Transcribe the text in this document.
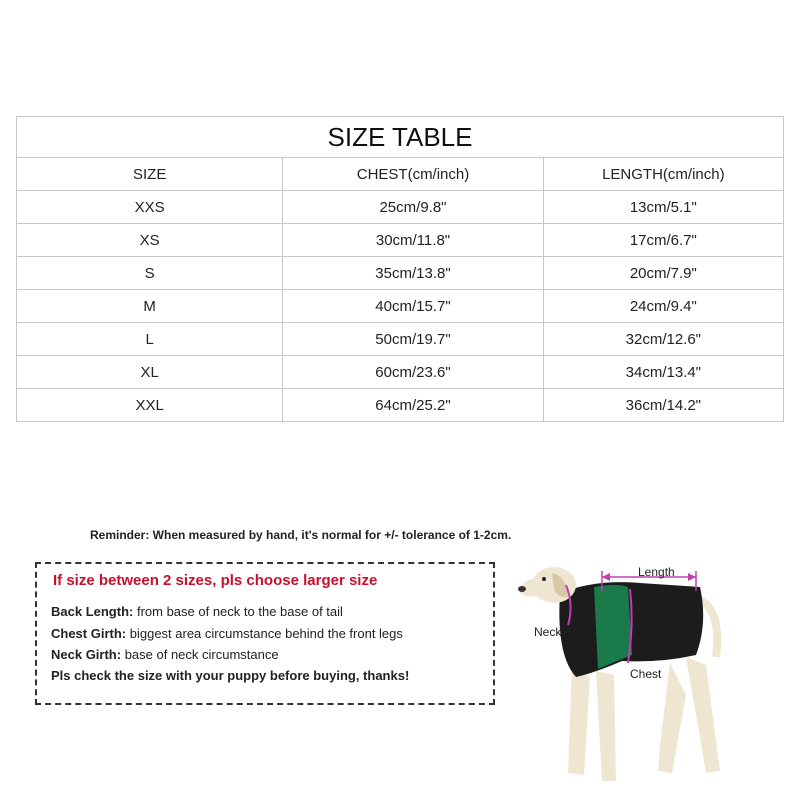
SIZE TABLE		
SIZE	CHEST(cm/inch)	LENGTH(cm/inch)
XXS	25cm/9.8"	13cm/5.1"
XS	30cm/11.8"	17cm/6.7"
S	35cm/13.8"	20cm/7.9"
M	40cm/15.7"	24cm/9.4"
L	50cm/19.7"	32cm/12.6"
XL	60cm/23.6"	34cm/13.4"
XXL	64cm/25.2"	36cm/14.2"
Reminder: When measured by hand, it's normal for +/- tolerance of 1-2cm.
If size between 2 sizes, pls choose larger size
Back Length: from base of neck to the base of tail
Chest Girth: biggest area circumstance behind the front legs
Neck Girth: base of neck circumstance
Pls check the size with your puppy before buying, thanks!
Length
Neck
Chest
